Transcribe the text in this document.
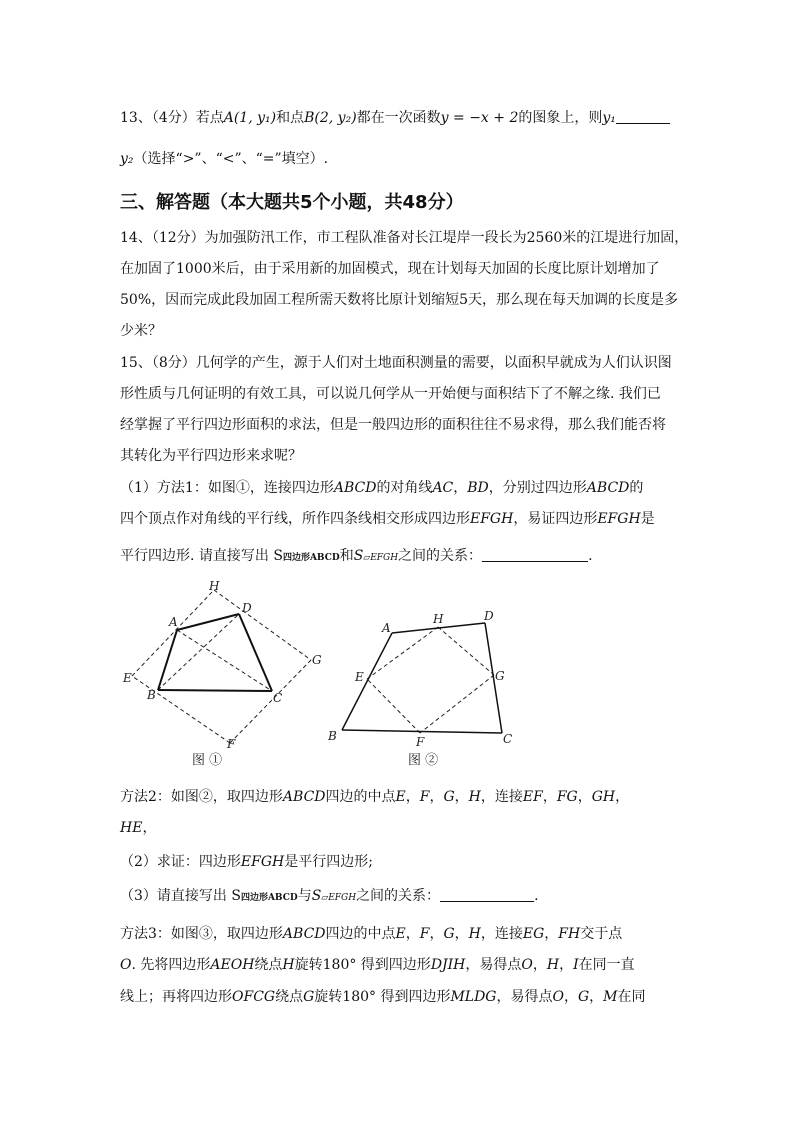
13、（4分）若点A(1, y₁)和点B(2, y₂)都在一次函数y = −x + 2的图象上，则y₁
y₂（选择“>”、“<”、“=”填空）.
三、解答题（本大题共5个小题，共48分）
14、（12分）为加强防汛工作，市工程队准备对长江堤岸一段长为2560米的江堤进行加固，
在加固了1000米后，由于采用新的加固模式，现在计划每天加固的长度比原计划增加了
50%，因而完成此段加固工程所需天数将比原计划缩短5天，那么现在每天加调的长度是多
少米？
15、（8分）几何学的产生，源于人们对土地面积测量的需要，以面积早就成为人们认识图
形性质与几何证明的有效工具，可以说几何学从一开始便与面积结下了不解之缘. 我们已
经掌握了平行四边形面积的求法，但是一般四边形的面积往往不易求得，那么我们能否将
其转化为平行四边形来求呢？
（1）方法1：如图①，连接四边形ABCD的对角线AC，BD，分别过四边形ABCD的
四个顶点作对角线的平行线，所作四条线相交形成四边形EFGH，易证四边形EFGH是
平行四边形. 请直接写出 S四边形ABCD和S▱EFGH之间的关系：	.
H
D
A
G
E
B	C
F
图 ①
A
H	D
E	G
B	F	C
图 ②
方法2：如图②，取四边形ABCD四边的中点E，F，G，H，连接EF，FG，GH，
HE，
（2）求证：四边形EFGH是平行四边形;
（3）请直接写出 S四边形ABCD与S▱EFGH之间的关系：	.
方法3：如图③，取四边形ABCD四边的中点E，F，G，H，连接EG，FH交于点
O. 先将四边形AEOH绕点H旋转180° 得到四边形DJIH，易得点O，H，I在同一直
线上；再将四边形OFCG绕点G旋转180° 得到四边形MLDG，易得点O，G，M在同
